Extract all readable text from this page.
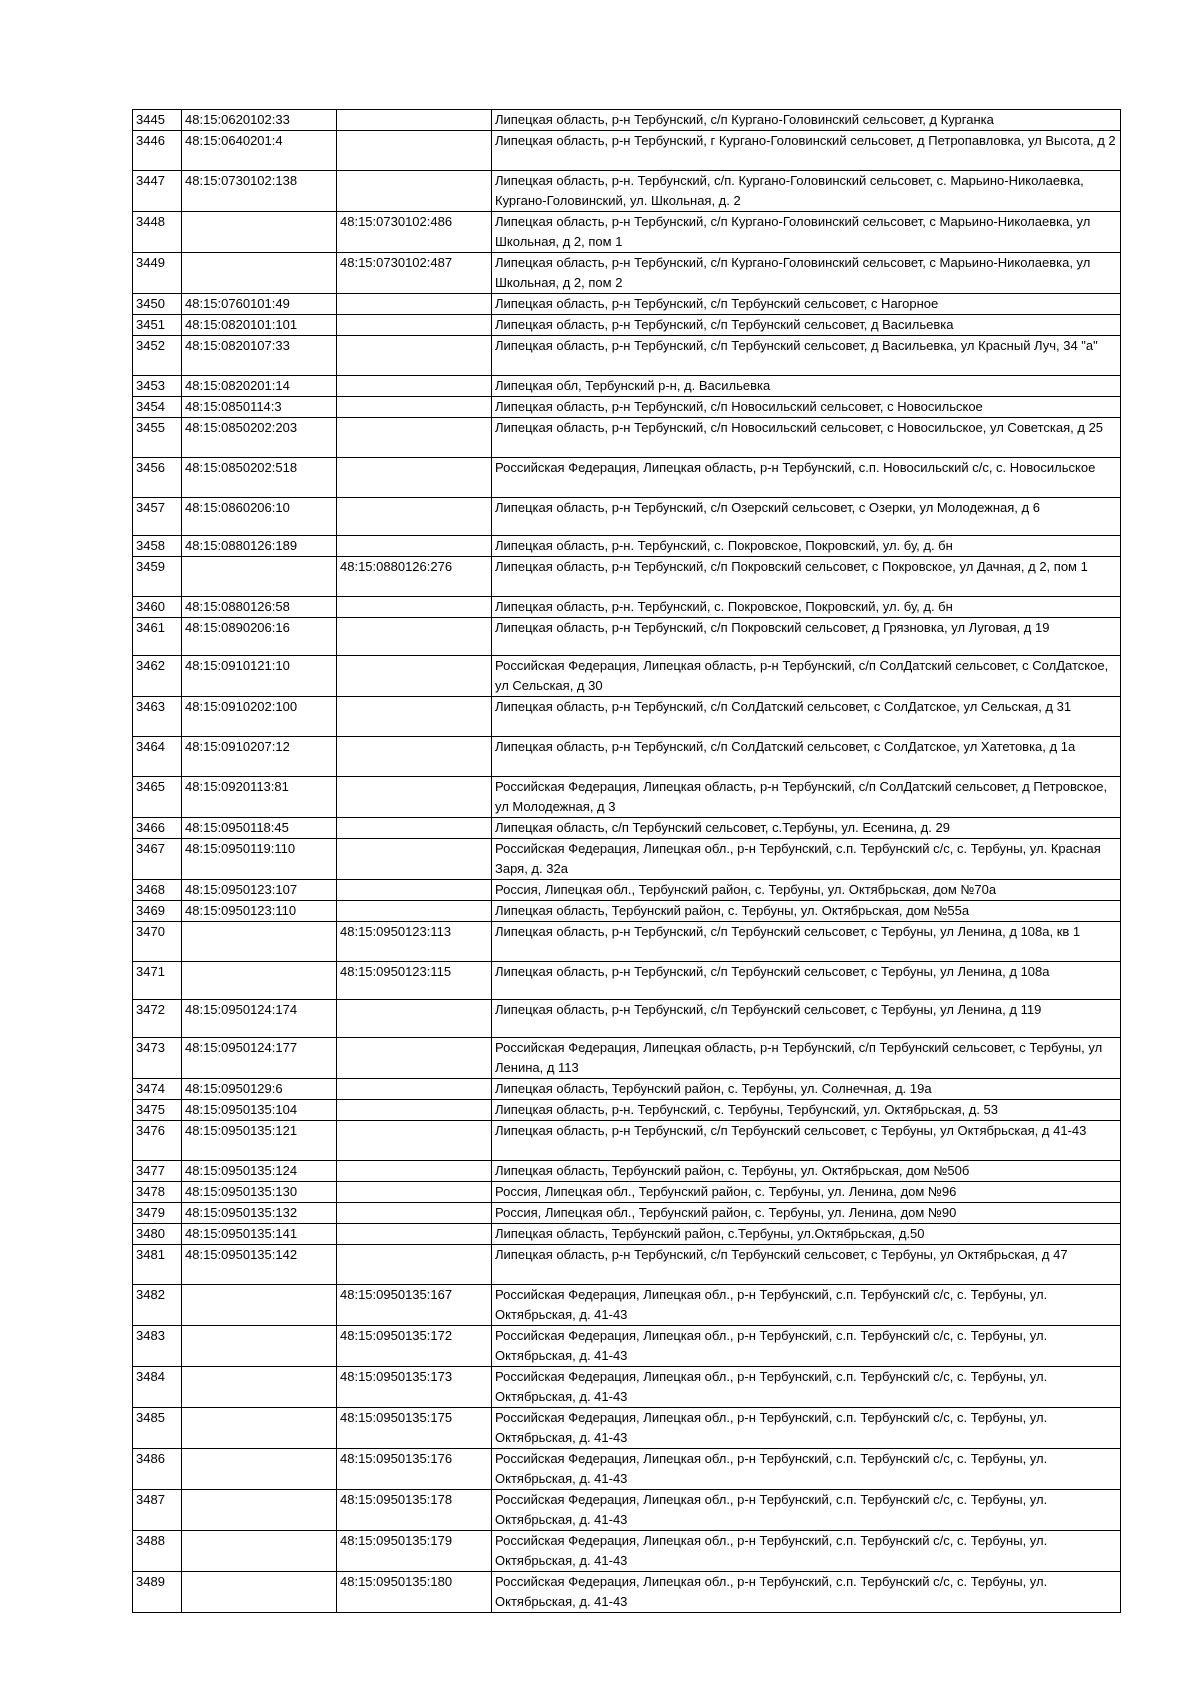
3445	48:15:0620102:33		Липецкая область, р-н Тербунский, с/п Кургано-Головинский сельсовет, д Курганка
3446	48:15:0640201:4		Липецкая область, р-н Тербунский, г Кургано-Головинский сельсовет, д Петропавловка, ул Высота, д 2
3447	48:15:0730102:138		Липецкая область, р-н. Тербунский, с/п. Кургано-Головинский сельсовет, с. Марьино-Николаевка, Кургано-Головинский, ул. Школьная, д. 2
3448		48:15:0730102:486	Липецкая область, р-н Тербунский, с/п Кургано-Головинский сельсовет, с Марьино-Николаевка, ул Школьная, д 2, пом 1
3449		48:15:0730102:487	Липецкая область, р-н Тербунский, с/п Кургано-Головинский сельсовет, с Марьино-Николаевка, ул Школьная, д 2, пом 2
3450	48:15:0760101:49		Липецкая область, р-н Тербунский, с/п Тербунский сельсовет, с Нагорное
3451	48:15:0820101:101		Липецкая область, р-н Тербунский, с/п Тербунский сельсовет, д Васильевка
3452	48:15:0820107:33		Липецкая область, р-н Тербунский, с/п Тербунский сельсовет, д Васильевка, ул Красный Луч, 34 "а"
3453	48:15:0820201:14		Липецкая обл, Тербунский р-н, д. Васильевка
3454	48:15:0850114:3		Липецкая область, р-н Тербунский, с/п Новосильский сельсовет, с Новосильское
3455	48:15:0850202:203		Липецкая область, р-н Тербунский, с/п Новосильский сельсовет, с Новосильское, ул Советская, д 25
3456	48:15:0850202:518		Российская Федерация, Липецкая область, р-н Тербунский, с.п. Новосильский с/с, с. Новосильское
3457	48:15:0860206:10		Липецкая область, р-н Тербунский, с/п Озерский сельсовет, с Озерки, ул Молодежная, д 6
3458	48:15:0880126:189		Липецкая область, р-н. Тербунский, с. Покровское, Покровский, ул. бу, д. бн
3459		48:15:0880126:276	Липецкая область, р-н Тербунский, с/п Покровский сельсовет, с Покровское, ул Дачная, д 2, пом 1
3460	48:15:0880126:58		Липецкая область, р-н. Тербунский, с. Покровское, Покровский, ул. бу, д. бн
3461	48:15:0890206:16		Липецкая область, р-н Тербунский, с/п Покровский сельсовет, д Грязновка, ул Луговая, д 19
3462	48:15:0910121:10		Российская Федерация, Липецкая область, р-н Тербунский, с/п СолДатский сельсовет, с СолДатское, ул Сельская, д 30
3463	48:15:0910202:100		Липецкая область, р-н Тербунский, с/п СолДатский сельсовет, с СолДатское, ул Сельская, д 31
3464	48:15:0910207:12		Липецкая область, р-н Тербунский, с/п СолДатский сельсовет, с СолДатское, ул Хатетовка, д 1а
3465	48:15:0920113:81		Российская Федерация, Липецкая область, р-н Тербунский, с/п СолДатский сельсовет, д Петровское, ул Молодежная, д 3
3466	48:15:0950118:45		Липецкая область, с/п Тербунский сельсовет, с.Тербуны, ул. Есенина, д. 29
3467	48:15:0950119:110		Российская Федерация, Липецкая обл., р-н Тербунский, с.п. Тербунский с/с, с. Тербуны, ул. Красная Заря, д. 32а
3468	48:15:0950123:107		Россия, Липецкая обл., Тербунский район, с. Тербуны, ул. Октябрьская, дом №70а
3469	48:15:0950123:110		Липецкая область, Тербунский район, с. Тербуны, ул. Октябрьская, дом №55а
3470		48:15:0950123:113	Липецкая область, р-н Тербунский, с/п Тербунский сельсовет, с Тербуны, ул Ленина, д 108а, кв 1
3471		48:15:0950123:115	Липецкая область, р-н Тербунский, с/п Тербунский сельсовет, с Тербуны, ул Ленина, д 108а
3472	48:15:0950124:174		Липецкая область, р-н Тербунский, с/п Тербунский сельсовет, с Тербуны, ул Ленина, д 119
3473	48:15:0950124:177		Российская Федерация, Липецкая область, р-н Тербунский, с/п Тербунский сельсовет, с Тербуны, ул Ленина, д 113
3474	48:15:0950129:6		Липецкая область, Тербунский район, с. Тербуны, ул. Солнечная, д. 19а
3475	48:15:0950135:104		Липецкая область, р-н. Тербунский, с. Тербуны, Тербунский, ул. Октябрьская, д. 53
3476	48:15:0950135:121		Липецкая область, р-н Тербунский, с/п Тербунский сельсовет, с Тербуны, ул Октябрьская, д 41-43
3477	48:15:0950135:124		Липецкая область, Тербунский район, с. Тербуны, ул. Октябрьская, дом №50б
3478	48:15:0950135:130		Россия, Липецкая обл., Тербунский район, с. Тербуны, ул. Ленина, дом №96
3479	48:15:0950135:132		Россия, Липецкая обл., Тербунский район, с. Тербуны, ул. Ленина, дом №90
3480	48:15:0950135:141		Липецкая область, Тербунский район, с.Тербуны, ул.Октябрьская, д.50
3481	48:15:0950135:142		Липецкая область, р-н Тербунский, с/п Тербунский сельсовет, с Тербуны, ул Октябрьская, д 47
3482		48:15:0950135:167	Российская Федерация, Липецкая обл., р-н Тербунский, с.п. Тербунский с/с, с. Тербуны, ул. Октябрьская, д. 41-43
3483		48:15:0950135:172	Российская Федерация, Липецкая обл., р-н Тербунский, с.п. Тербунский с/с, с. Тербуны, ул. Октябрьская, д. 41-43
3484		48:15:0950135:173	Российская Федерация, Липецкая обл., р-н Тербунский, с.п. Тербунский с/с, с. Тербуны, ул. Октябрьская, д. 41-43
3485		48:15:0950135:175	Российская Федерация, Липецкая обл., р-н Тербунский, с.п. Тербунский с/с, с. Тербуны, ул. Октябрьская, д. 41-43
3486		48:15:0950135:176	Российская Федерация, Липецкая обл., р-н Тербунский, с.п. Тербунский с/с, с. Тербуны, ул. Октябрьская, д. 41-43
3487		48:15:0950135:178	Российская Федерация, Липецкая обл., р-н Тербунский, с.п. Тербунский с/с, с. Тербуны, ул. Октябрьская, д. 41-43
3488		48:15:0950135:179	Российская Федерация, Липецкая обл., р-н Тербунский, с.п. Тербунский с/с, с. Тербуны, ул. Октябрьская, д. 41-43
3489		48:15:0950135:180	Российская Федерация, Липецкая обл., р-н Тербунский, с.п. Тербунский с/с, с. Тербуны, ул. Октябрьская, д. 41-43
